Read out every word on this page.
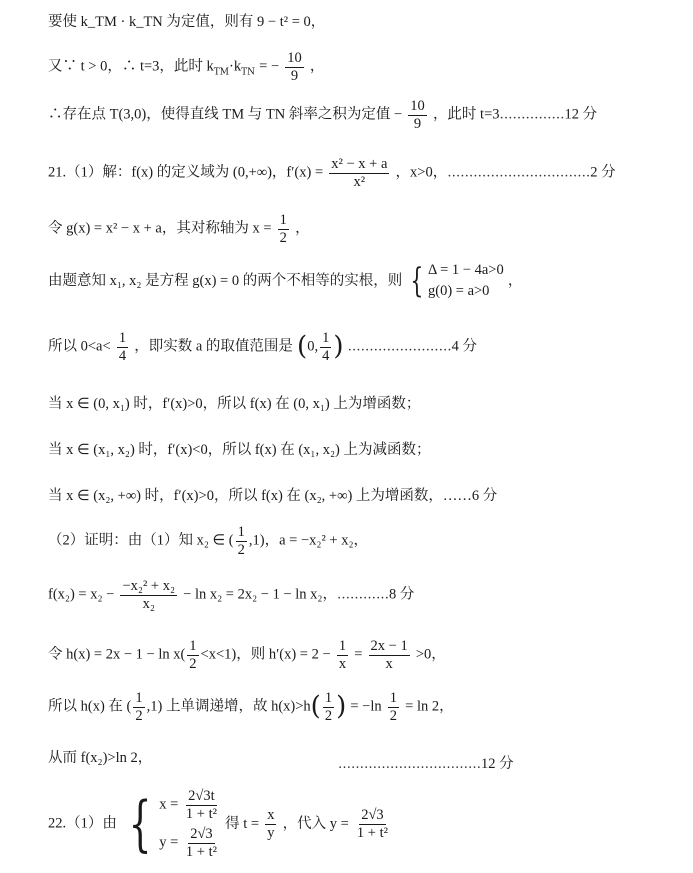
要使 k_TM · k_TN 为定值，则有 9 − t² = 0，
又∵ t > 0，∴ t=3，此时 $k_{TM}\cdot k_{TN}$ = − $\frac{10}{9}$ ，
∴存在点 T(3,0)，使得直线 TM 与 TN 斜率之积为定值 − $\frac{10}{9}$ ，此时 t=3……………12 分
21.（1）解：f(x) 的定义域为 (0,+∞)，$f'(x) = \frac{\text{x² − x + a}}{\text{x²}}$ ，x>0，……………………………2 分
令 g(x) = x² − x + a，其对称轴为 $x = \frac{1}{2}$ ，
由题意知 x₁, x₂ 是方程 g(x) = 0 的两个不相等的实根，则 { Δ = 1 − 4a>0
g(0) = a>0
，
所以 $0<a< \frac{1}{4}$ ，即实数 a 的取值范围是 (0, $\frac{1}{4}$ ) ……………………4 分
当 x ∈ (0, x₁) 时，f′(x)>0，所以 f(x) 在 (0, x₁) 上为增函数；
当 x ∈ (x₁, x₂) 时，f′(x)<0，所以 f(x) 在 (x₁, x₂) 上为减函数；
当 x ∈ (x₂, +∞) 时，f′(x)>0，所以 f(x) 在 (x₂, +∞) 上为增函数，……6 分
（2）证明：由（1）知 x₂ ∈ ( $\frac{1}{2} ,1$)，a = −x₂² + x₂，
$f(x_2) = x_2 - \frac{\text{−x₂² + x₂}}{\text{x₂}} - \ln x_2 = 2x_2 - 1 - \ln x_2$，…………8 分
令 $h(x) = 2x - 1 - \ln x( \frac{1}{2} <x<1)$，则 $h'(x) = 2 - \frac{1}{x} = \frac{2x - 1}{x} >0$，
所以 h(x) 在 ( $\frac{1}{2} ,1$) 上单调递增，故 $h(x)>h( \frac{1}{2}$ ) = $-\ln \frac{1}{2} = \ln 2$，
从而 f(x₂)>ln 2，	……………………………12 分
22.（1）由 { $x = \frac{2√3t}{\text{1 + t²}}$
$y = \frac{2√3}{\text{1 + t²}}$
得 $t = \frac{x}{y}$ ，代入 $y = \frac{2√3}{\text{1 + t²}}$
